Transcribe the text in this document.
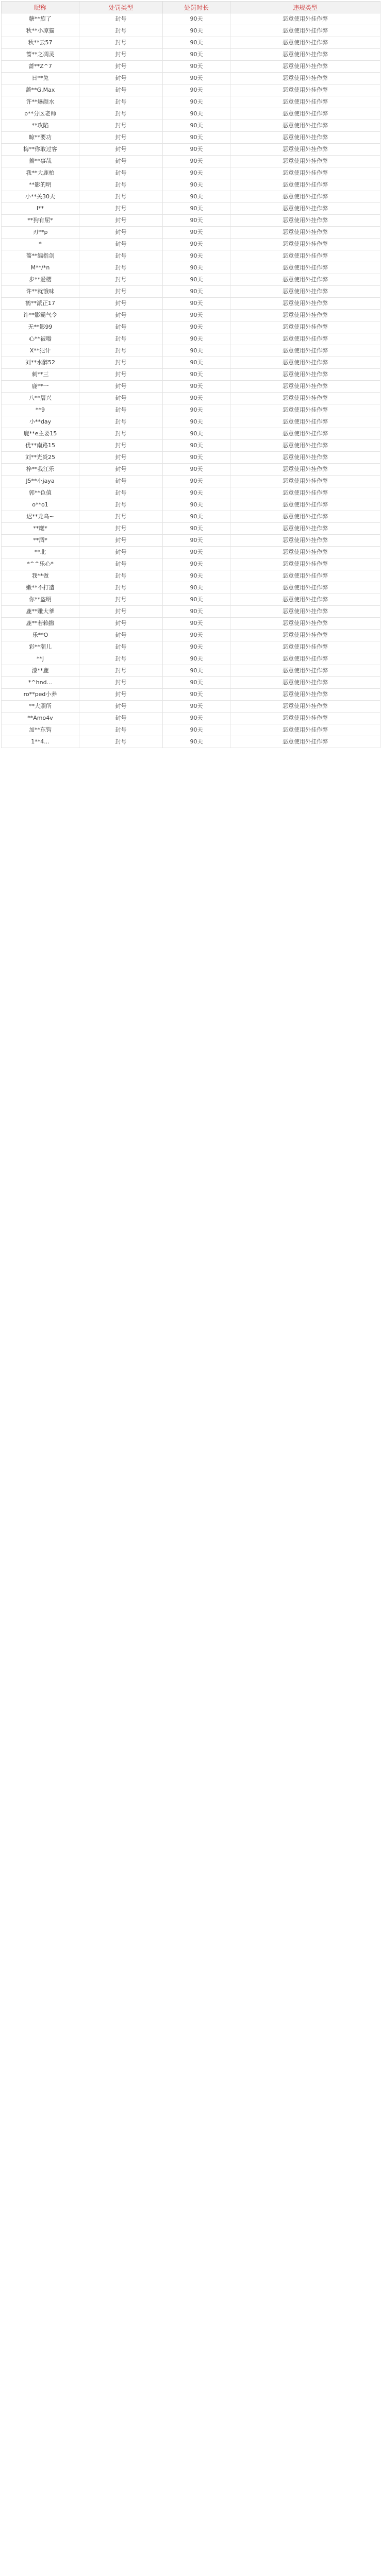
昵称	处罚类型	处罚时长	违规类型
糖**旋了	封号	90天	恶意使用外挂作弊
秋**小凉猫	封号	90天	恶意使用外挂作弊
秋**云57	封号	90天	恶意使用外挂作弊
蔷**之凋灵	封号	90天	恶意使用外挂作弊
蔷**Z^7	封号	90天	恶意使用外挂作弊
日**兔	封号	90天	恶意使用外挂作弊
蔷**G.Max	封号	90天	恶意使用外挂作弊
许**爆颜水	封号	90天	恶意使用外挂作弊
p**分区老师	封号	90天	恶意使用外挂作弊
**攻陷	封号	90天	恶意使用外挂作弊
晾**要功	封号	90天	恶意使用外挂作弊
梅**你取过客	封号	90天	恶意使用外挂作弊
蔷**事哉	封号	90天	恶意使用外挂作弊
我**大鹿柏	封号	90天	恶意使用外挂作弊
**影的明	封号	90天	恶意使用外挂作弊
小**关30天	封号	90天	恶意使用外挂作弊
I**	封号	90天	恶意使用外挂作弊
**狗有屈*	封号	90天	恶意使用外挂作弊
刃**p	封号	90天	恶意使用外挂作弊
*	封号	90天	恶意使用外挂作弊
蔷**编指剑	封号	90天	恶意使用外挂作弊
M**/*n	封号	90天	恶意使用外挂作弊
步**爱樱	封号	90天	恶意使用外挂作弊
许**就饿味	封号	90天	恶意使用外挂作弊
鹤**派正17	封号	90天	恶意使用外挂作弊
许**影霸气令	封号	90天	恶意使用外挂作弊
无**影99	封号	90天	恶意使用外挂作弊
心**被嗡	封号	90天	恶意使用外挂作弊
X**犯计	封号	90天	恶意使用外挂作弊
刘**水醉52	封号	90天	恶意使用外挂作弊
刺**三	封号	90天	恶意使用外挂作弊
鹿**一	封号	90天	恶意使用外挂作弊
八**屠兴	封号	90天	恶意使用外挂作弊
**9	封号	90天	恶意使用外挂作弊
小**day	封号	90天	恶意使用外挂作弊
鹿**e主要15	封号	90天	恶意使用外挂作弊
优**南路15	封号	90天	恶意使用外挂作弊
刘**光炎25	封号	90天	恶意使用外挂作弊
梓**我江乐	封号	90天	恶意使用外挂作弊
J5**小jaya	封号	90天	恶意使用外挂作弊
郭**色值	封号	90天	恶意使用外挂作弊
o**o1	封号	90天	恶意使用外挂作弊
迟**龙乌~	封号	90天	恶意使用外挂作弊
**麾*	封号	90天	恶意使用外挂作弊
**酒*	封号	90天	恶意使用外挂作弊
**北	封号	90天	恶意使用外挂作弊
*^^乐心*	封号	90天	恶意使用外挂作弊
我**做	封号	90天	恶意使用外挂作弊
嫩**不打造	封号	90天	恶意使用外挂作弊
你**盗明	封号	90天	恶意使用外挂作弊
鹿**赚大爹	封号	90天	恶意使用外挂作弊
鹿**若赖撒	封号	90天	恶意使用外挂作弊
乐**O	封号	90天	恶意使用外挂作弊
彩**潮儿	封号	90天	恶意使用外挂作弊
**J	封号	90天	恶意使用外挂作弊
漆**鹿	封号	90天	恶意使用外挂作弊
*^hnd...	封号	90天	恶意使用外挂作弊
ro**ped小养	封号	90天	恶意使用外挂作弊
**大照所	封号	90天	恶意使用外挂作弊
**Amo4v	封号	90天	恶意使用外挂作弊
加**东钩	封号	90天	恶意使用外挂作弊
1**4...	封号	90天	恶意使用外挂作弊
